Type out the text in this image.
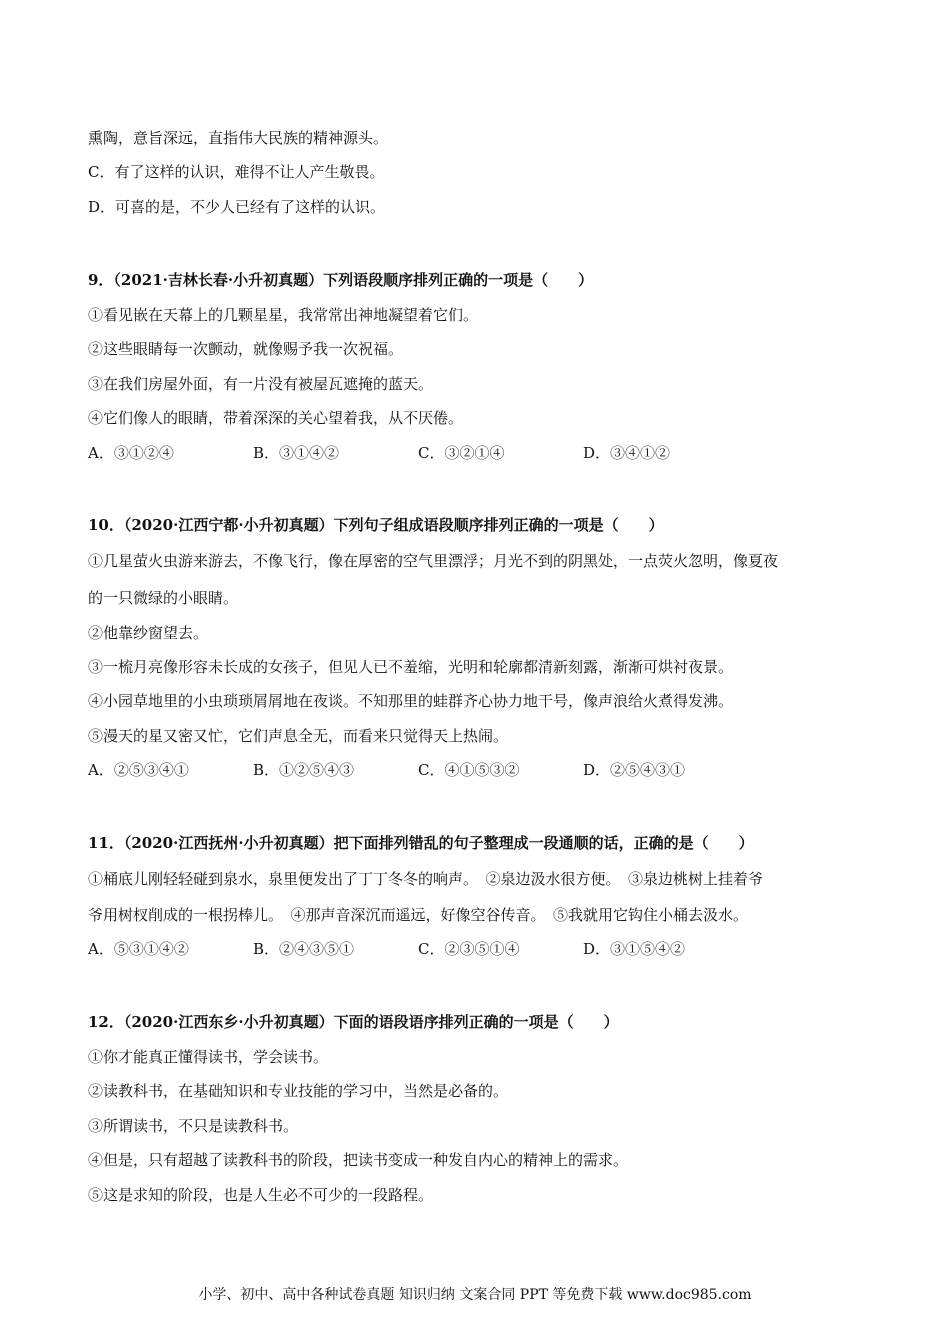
熏陶，意旨深远，直指伟大民族的精神源头。
C．有了这样的认识，难得不让人产生敬畏。
D．可喜的是，不少人已经有了这样的认识。
9．（2021·吉林长春·小升初真题）下列语段顺序排列正确的一项是（　　）
①看见嵌在天幕上的几颗星星，我常常出神地凝望着它们。
②这些眼睛每一次颤动，就像赐予我一次祝福。
③在我们房屋外面，有一片没有被屋瓦遮掩的蓝天。
④它们像人的眼睛，带着深深的关心望着我，从不厌倦。
A．③①②④	B．③①④②	C．③②①④	D．③④①②
10．（2020·江西宁都·小升初真题）下列句子组成语段顺序排列正确的一项是（　　）
①几星萤火虫游来游去，不像飞行，像在厚密的空气里漂浮；月光不到的阴黑处，一点荧火忽明，像夏夜
的一只微绿的小眼睛。
②他靠纱窗望去。
③一梳月亮像形容未长成的女孩子，但见人已不羞缩，光明和轮廓都清新刻露，渐渐可烘衬夜景。
④小园草地里的小虫琐琐屑屑地在夜谈。不知那里的蛙群齐心协力地干号，像声浪给火煮得发沸。
⑤漫天的星又密又忙，它们声息全无，而看来只觉得天上热闹。
A．②⑤③④①	B．①②⑤④③	C．④①⑤③②	D．②⑤④③①
11．（2020·江西抚州·小升初真题）把下面排列错乱的句子整理成一段通顺的话，正确的是（　　）
①桶底儿刚轻轻碰到泉水，泉里便发出了丁丁冬冬的响声。　②泉边汲水很方便。　③泉边桃树上挂着爷
爷用树杈削成的一根拐棒儿。　④那声音深沉而遥远，好像空谷传音。　⑤我就用它钩住小桶去汲水。
A．⑤③①④②	B．②④③⑤①	C．②③⑤①④	D．③①⑤④②
12．（2020·江西东乡·小升初真题）下面的语段语序排列正确的一项是（　　）
①你才能真正懂得读书，学会读书。
②读教科书，在基础知识和专业技能的学习中，当然是必备的。
③所谓读书，不只是读教科书。
④但是，只有超越了读教科书的阶段，把读书变成一种发自内心的精神上的需求。
⑤这是求知的阶段，也是人生必不可少的一段路程。
小学、初中、高中各种试卷真题 知识归纳 文案合同 PPT 等免费下载 www.doc985.com
